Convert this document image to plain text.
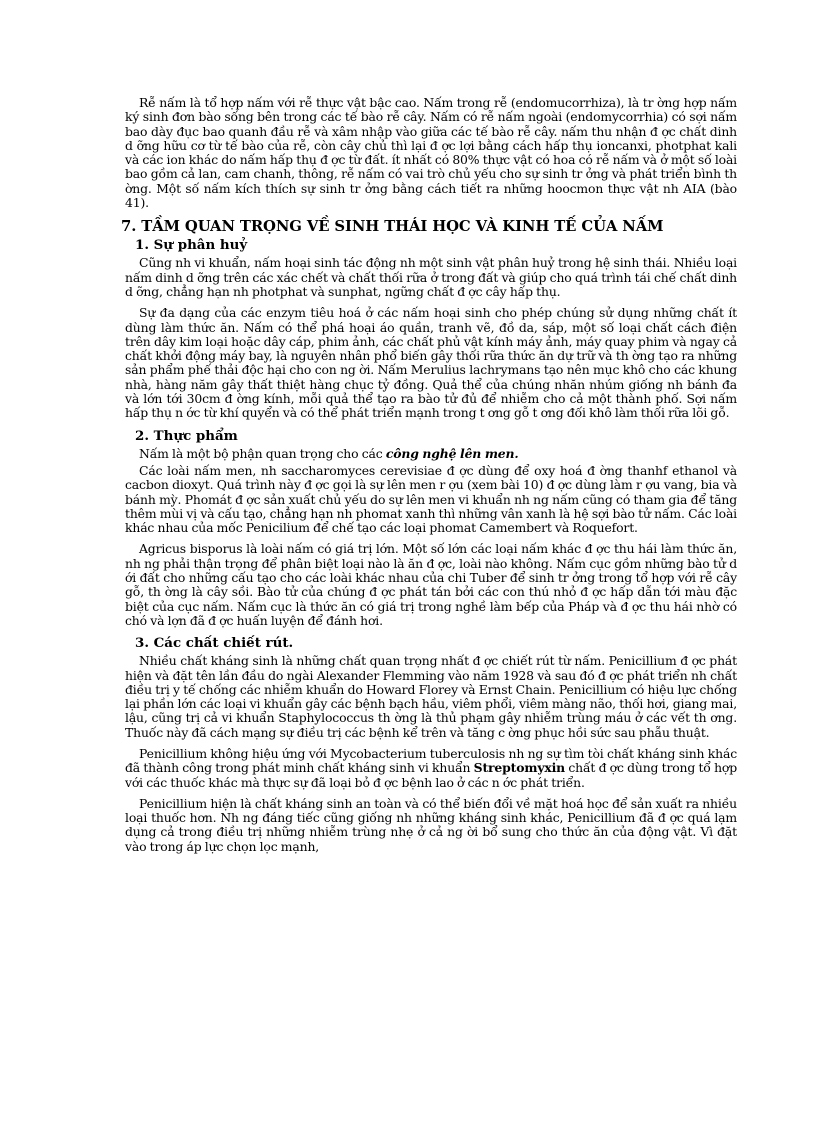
Rễ nấm là tổ hợp nấm với rễ thực vật bậc cao. Nấm trong rễ (endomucorrhiza), là tr ờng hợp nấm ký sinh đơn bào sống bên trong các tế bào rễ cây. Nấm có rễ nấm ngoài (endomycorrhia) có sợi nấm bao dày đục bao quanh đầu rễ và xâm nhập vào giữa các tế bào rễ cây. nấm thu nhận đ ợc chất dinh d ỡng hữu cơ từ tế bào của rễ, còn cây chủ thì lại đ ợc lợi bằng cách hấp thụ ioncanxi, photphat kali và các ion khác do nấm hấp thụ đ ợc từ đất. ít nhất có 80% thực vật có hoa có rễ nấm và ở một số loài bao gồm cả lan, cam chanh, thông, rễ nấm có vai trò chủ yếu cho sự sinh tr ởng và phát triển bình th ờng. Một số nấm kích thích sự sinh tr ởng bằng cách tiết ra những hoocmon thực vật nh AIA (bào 41).

7. TẦM QUAN TRỌNG VỀ SINH THÁI HỌC VÀ KINH TẾ CỦA NẤM
1. Sự phân huỷ

Cũng nh vi khuẩn, nấm hoại sinh tác động nh một sinh vật phân huỷ trong hệ sinh thái. Nhiều loại nấm dinh d ỡng trên các xác chết và chất thối rữa ở trong đất và giúp cho quá trình tái chế chất dinh d ỡng, chẳng hạn nh photphat và sunphat, ngững chất đ ợc cây hấp thụ.

Sự đa dạng của các enzym tiêu hoá ở các nấm hoại sinh cho phép chúng sử dụng những chất ít dùng làm thức ăn. Nấm có thể phá hoại áo quần, tranh vẽ, đồ da, sáp, một số loại chất cách điện trên dây kim loại hoặc dây cáp, phim ảnh, các chất phủ vật kính máy ảnh, máy quay phim và ngay cả chất khởi động máy bay, là nguyên nhân phổ biến gây thối rữa thức ăn dự trữ và th ờng tạo ra những sản phẩm phế thải độc hại cho con ng ời. Nấm Merulius lachrymans tạo nên mục khô cho các khung nhà, hàng năm gây thất thiệt hàng chục tỷ đồng. Quả thể của chúng nhăn nhúm giống nh bánh đa và lớn tới 30cm đ ờng kính, mỗi quả thể tạo ra bào tử đủ để nhiễm cho cả một thành phố. Sợi nấm hấp thụ n ớc từ khí quyển và có thể phát triển mạnh trong t ơng gỗ t ơng đối khô làm thối rữa lõi gỗ.

2. Thực phẩm

Nấm là một bộ phận quan trọng cho các công nghệ lên men.

Các loài nấm men, nh saccharomyces cerevisiae đ ợc dùng để oxy hoá đ ờng thanhf ethanol và cacbon dioxyt. Quá trình này đ ợc gọi là sự lên men r ợu (xem bài 10) đ ợc dùng làm r ợu vang, bia và bánh mỳ. Phomát đ ợc sản xuất chủ yếu do sự lên men vi khuẩn nh ng nấm cũng có tham gia để tăng thêm mùi vị và cấu tạo, chẳng hạn nh phomat xanh thì những vân xanh là hệ sợi bào tử nấm. Các loài khác nhau của mốc Penicilium để chế tạo các loại phomat Camembert và Roquefort.

Agricus bisporus là loài nấm có giá trị lớn. Một số lớn các loại nấm khác đ ợc thu hái làm thức ăn, nh ng phải thận trọng để phân biệt loại nào là ăn đ ợc, loài nào không. Nấm cục gồm những bào tử d ới đất cho những cấu tạo cho các loài khác nhau của chi Tuber để sinh tr ởng trong tổ hợp với rễ cây gỗ, th ờng là cây sồi. Bào tử của chúng đ ợc phát tán bởi các con thú nhỏ đ ợc hấp dẫn tới màu đặc biệt của cục nấm. Nấm cục là thức ăn có giá trị trong nghề làm bếp của Pháp và đ ợc thu hái nhờ có chó và lợn đã đ ợc huấn luyện để đánh hơi.

3. Các chất chiết rút.

Nhiều chất kháng sinh là những chất quan trọng nhất đ ợc chiết rút từ nấm. Penicillium đ ợc phát hiện và đặt tên lần đầu do ngài Alexander Flemming vào năm 1928 và sau đó đ ợc phát triển nh chất điều trị y tế chống các nhiễm khuẩn do Howard Florey và Ernst Chain. Penicillium có hiệu lực chống lại phần lớn các loại vi khuẩn gây các bệnh bạch hầu, viêm phổi, viêm màng não, thối hơi, giang mai, lậu, cũng trị cả vi khuẩn Staphylococcus th ờng là thủ phạm gây nhiễm trùng máu ở các vết th ơng. Thuốc này đã cách mạng sự điều trị các bệnh kể trên và tăng c ờng phục hồi sức sau phẫu thuật.

Penicillium không hiệu ứng với Mycobacterium tuberculosis nh ng sự tìm tòi chất kháng sinh khác đã thành công trong phát minh chất kháng sinh vi khuẩn Streptomyxin chất đ ợc dùng trong tổ hợp với các thuốc khác mà thực sự đã loại bỏ đ ợc bệnh lao ở các n ớc phát triển.

Penicillium hiện là chất kháng sinh an toàn và có thể biến đổi về mặt hoá học để sản xuất ra nhiều loại thuốc hơn. Nh ng đáng tiếc cũng giống nh những kháng sinh khác, Penicillium đã đ ợc quá lạm dụng cả trong điều trị những nhiễm trùng nhẹ ở cả ng ời bổ sung cho thức ăn của động vật. Vì đặt vào trong áp lực chọn lọc mạnh,
